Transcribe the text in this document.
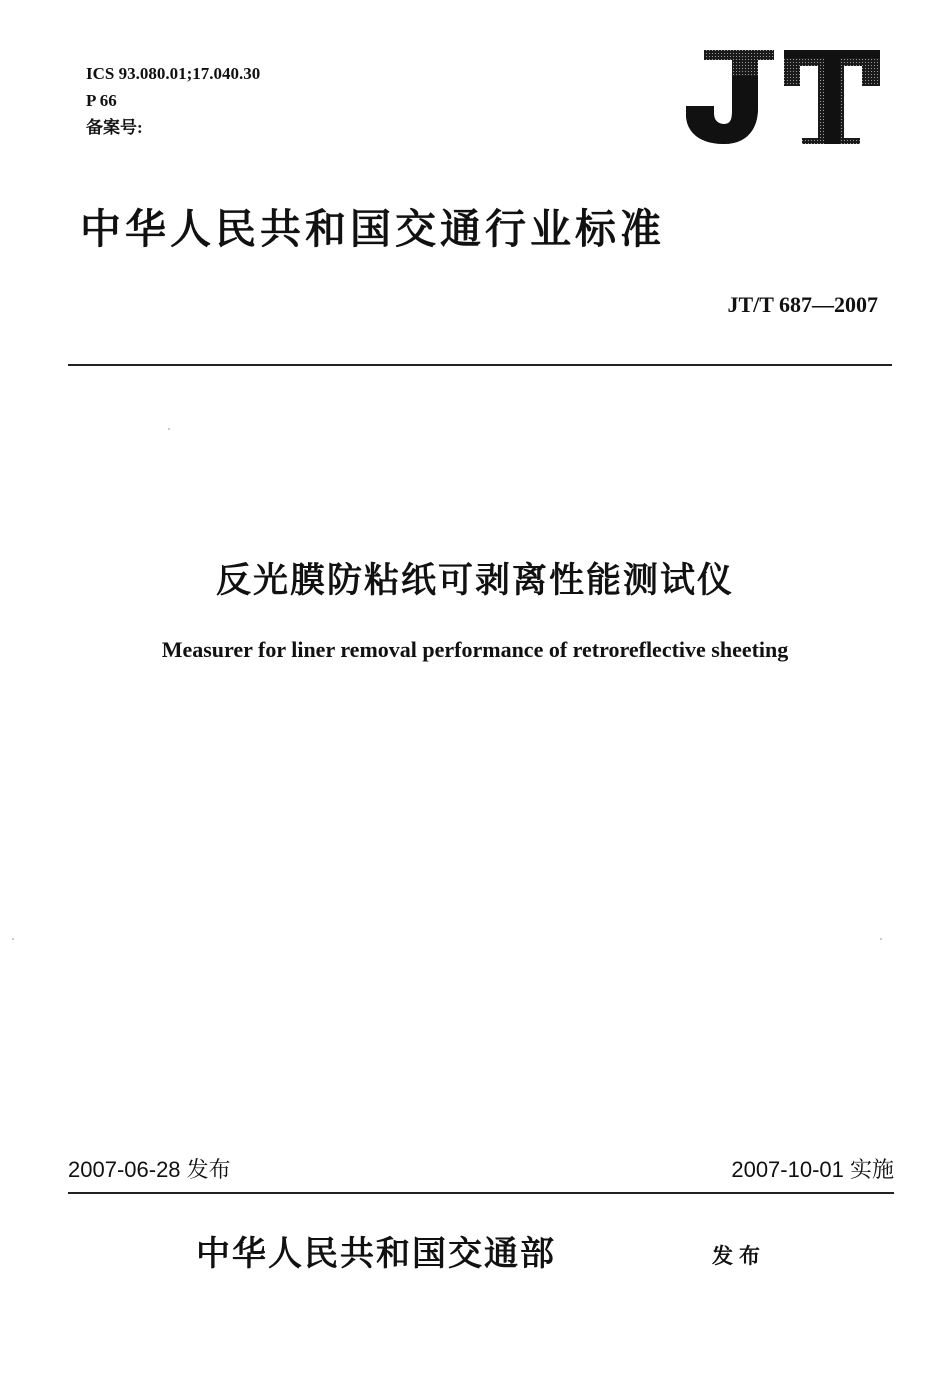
ICS 93.080.01;17.040.30
P 66
备案号:
中华人民共和国交通行业标准
JT/T 687—2007
反光膜防粘纸可剥离性能测试仪
Measurer for liner removal performance of retroreflective sheeting
2007-06-28 发布	2007-10-01 实施
中华人民共和国交通部	发布
